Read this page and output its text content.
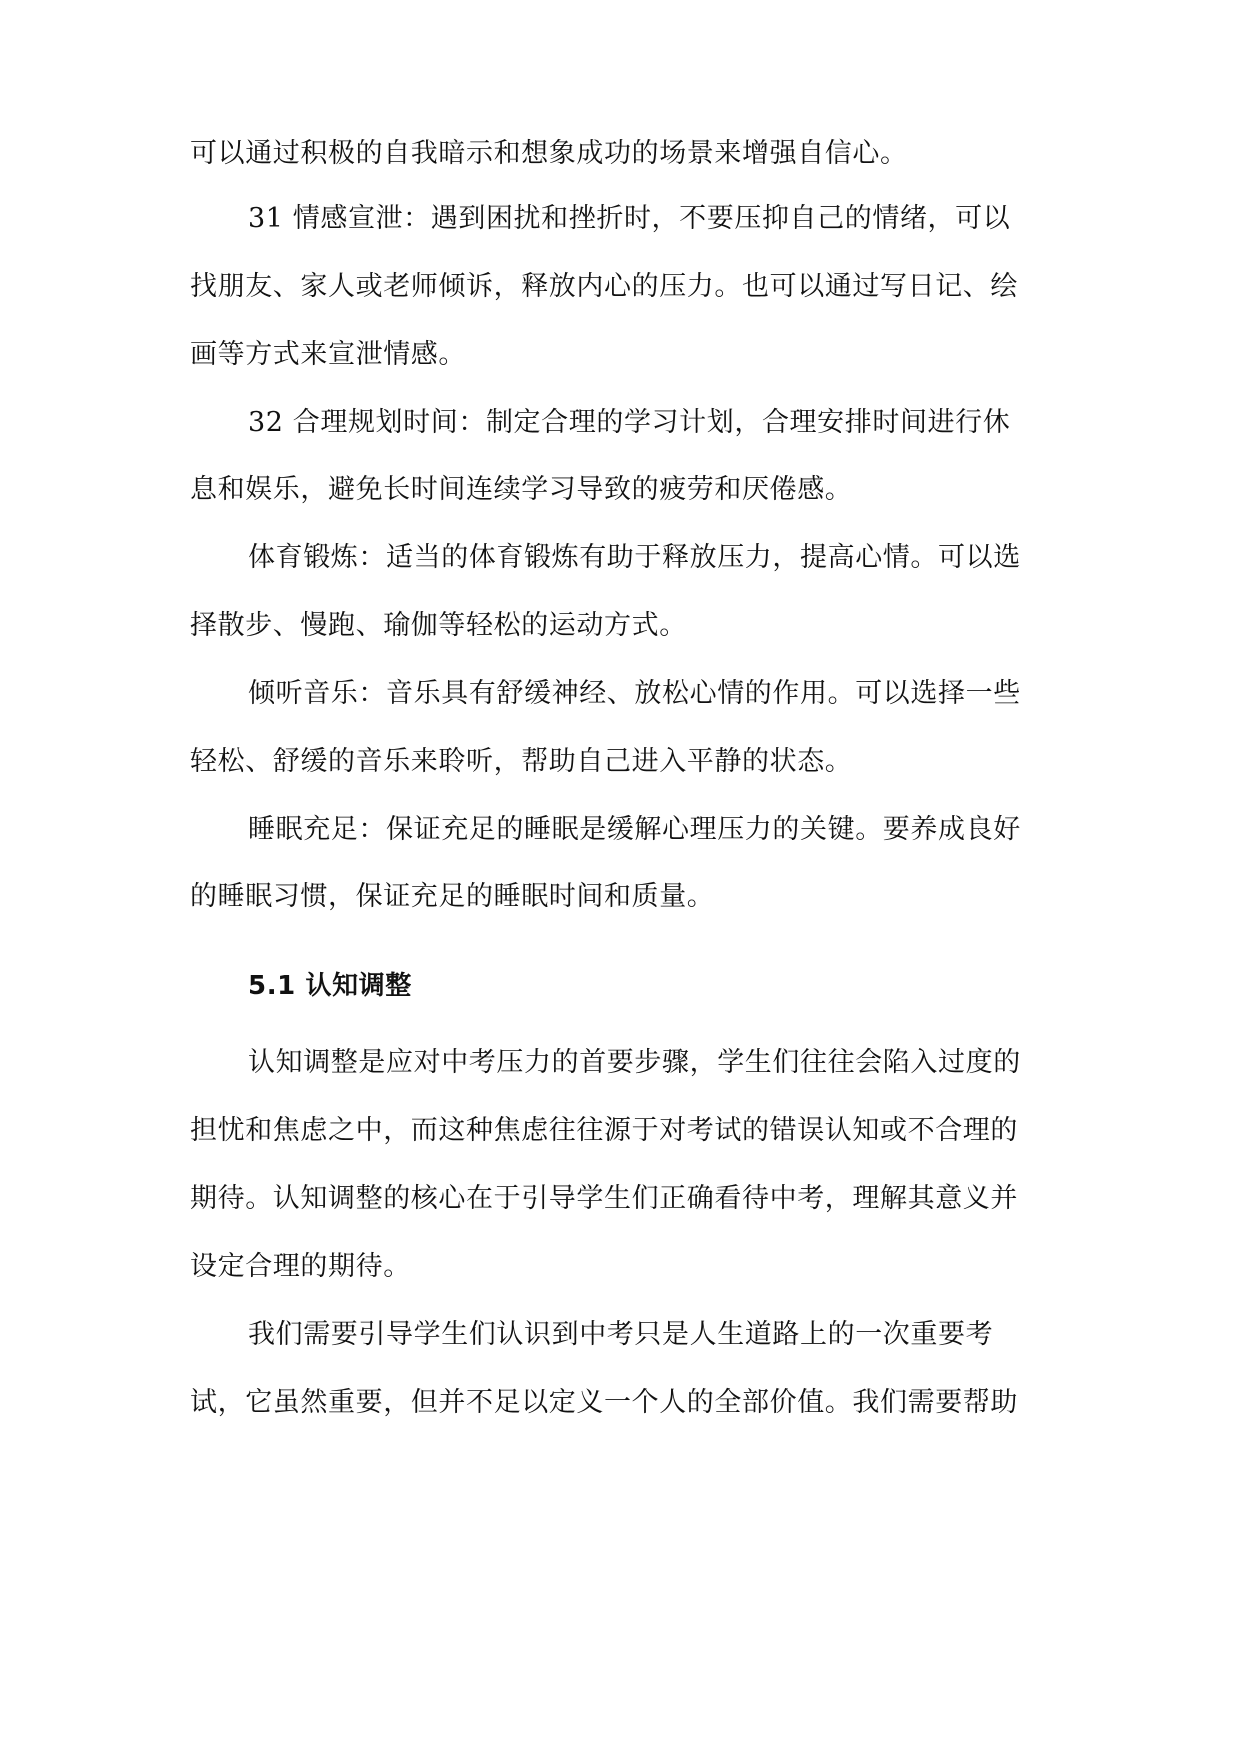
可以通过积极的自我暗示和想象成功的场景来增强自信心。
31 情感宣泄：遇到困扰和挫折时，不要压抑自己的情绪，可以
找朋友、家人或老师倾诉，释放内心的压力。也可以通过写日记、绘
画等方式来宣泄情感。
32 合理规划时间：制定合理的学习计划，合理安排时间进行休
息和娱乐，避免长时间连续学习导致的疲劳和厌倦感。
体育锻炼：适当的体育锻炼有助于释放压力，提高心情。可以选
择散步、慢跑、瑜伽等轻松的运动方式。
倾听音乐：音乐具有舒缓神经、放松心情的作用。可以选择一些
轻松、舒缓的音乐来聆听，帮助自己进入平静的状态。
睡眠充足：保证充足的睡眠是缓解心理压力的关键。要养成良好
的睡眠习惯，保证充足的睡眠时间和质量。
5.1 认知调整
认知调整是应对中考压力的首要步骤，学生们往往会陷入过度的
担忧和焦虑之中，而这种焦虑往往源于对考试的错误认知或不合理的
期待。认知调整的核心在于引导学生们正确看待中考，理解其意义并
设定合理的期待。
我们需要引导学生们认识到中考只是人生道路上的一次重要考
试，它虽然重要，但并不足以定义一个人的全部价值。我们需要帮助
